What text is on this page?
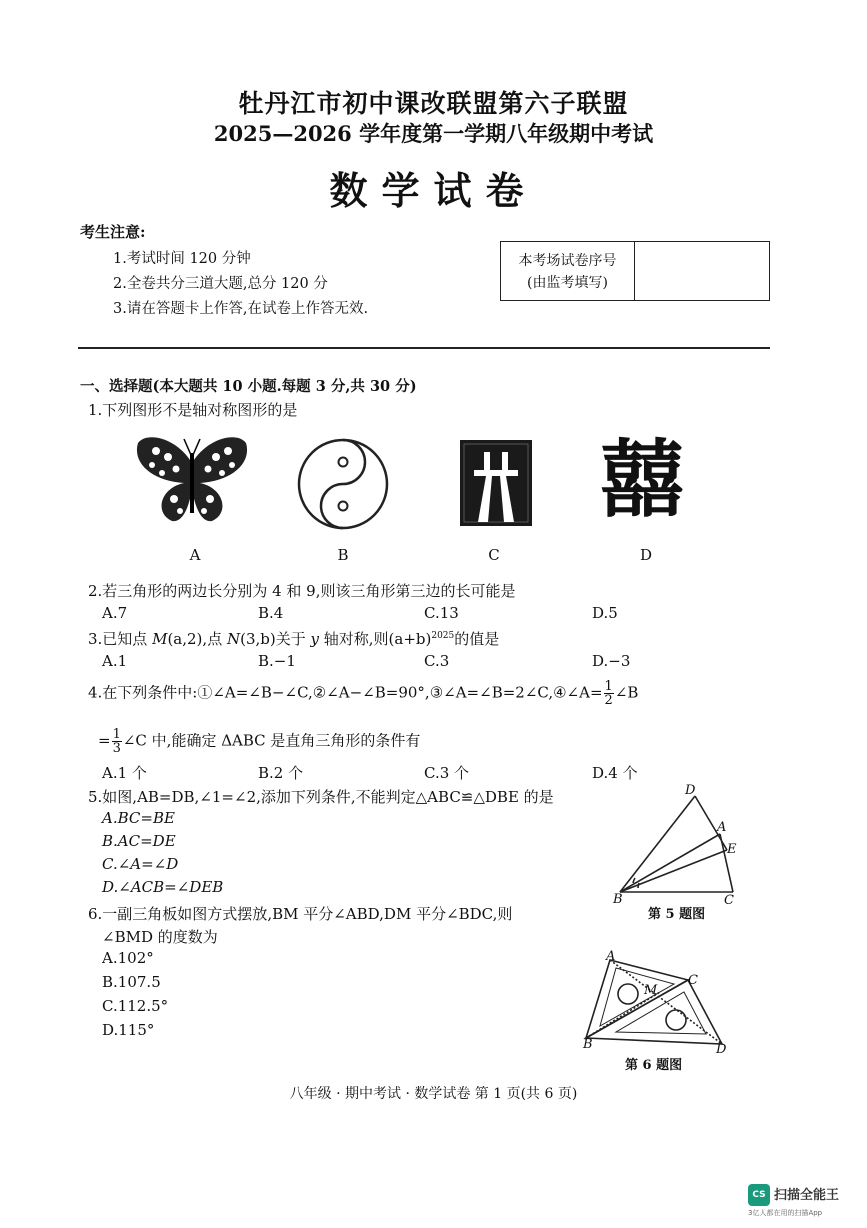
牡丹江市初中课改联盟第六子联盟
2025—2026 学年度第一学期八年级期中考试
数学试卷
考生注意:
1.考试时间 120 分钟
2.全卷共分三道大题,总分 120 分
3.请在答题卡上作答,在试卷上作答无效.
本考场试卷序号
(由监考填写)
一、选择题(本大题共 10 小题.每题 3 分,共 30 分)
1.下列图形不是轴对称图形的是
囍
A	B	C	D
2.若三角形的两边长分别为 4 和 9,则该三角形第三边的长可能是
A.7	B.4	C.13	D.5
3.已知点 M(a,2),点 N(3,b)关于 y 轴对称,则$(a+b)^{2025}$的值是
A.1	B.−1	C.3	D.−3
4.在下列条件中:①∠A=∠B−∠C,②∠A−∠B=90°,③∠A=∠B=2∠C,④∠A= $\frac{1}{2}$ ∠B
= $\frac{1}{3}$ ∠C 中,能确定 ΔABC 是直角三角形的条件有
A.1 个	B.2 个	C.3 个	D.4 个
5.如图,AB=DB,∠1=∠2,添加下列条件,不能判定△ABC≌△DBE 的是
A.BC=BE
B.AC=DE
C.∠A=∠D
D.∠ACB=∠DEB
D
A
E
B	C
第 5 题图
6.一副三角板如图方式摆放,BM 平分∠ABD,DM 平分∠BDC,则
∠BMD 的度数为
A.102°
B.107.5
C.112.5°
D.115°
A
C
M
B	D
第 6 题图
八年级 · 期中考试 · 数学试卷 第 1 页(共 6 页)
CS 扫描全能王
3亿人都在用的扫描App
